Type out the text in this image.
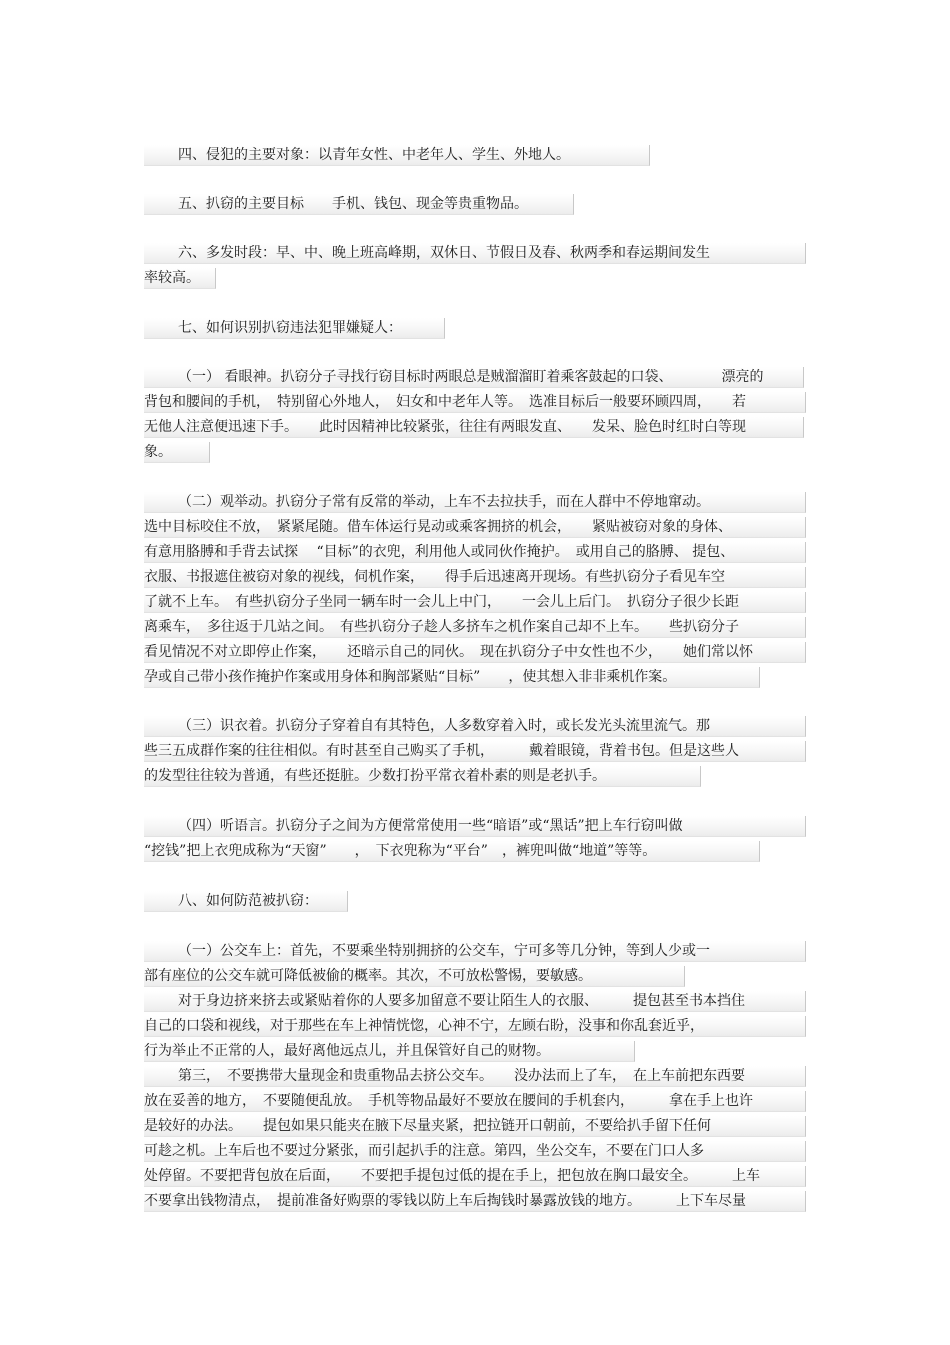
四、侵犯的主要对象：以青年女性、中老年人、学生、外地人。
五、扒窃的主要目标　　手机、钱包、现金等贵重物品。
六、多发时段：早、中、晚上班高峰期，双休日、节假日及春、秋两季和春运期间发生
率较高。
七、如何识别扒窃违法犯罪嫌疑人：
（一） 看眼神。扒窃分子寻找行窃目标时两眼总是贼溜溜盯着乘客鼓起的口袋、　　　　漂亮的
背包和腰间的手机，　特别留心外地人，　妇女和中老年人等。　选准目标后一般要环顾四周，　　若
无他人注意便迅速下手。　　此时因精神比较紧张，往往有两眼发直、　　发呆、脸色时红时白等现
象。
（二）观举动。扒窃分子常有反常的举动，上车不去拉扶手，而在人群中不停地窜动。
选中目标咬住不放，　紧紧尾随。借车体运行晃动或乘客拥挤的机会，　　紧贴被窃对象的身体、
有意用胳膊和手背去试探　 “目标”的衣兜，利用他人或同伙作掩护。　或用自己的胳膊、 提包、
衣服、书报遮住被窃对象的视线，伺机作案，　　得手后迅速离开现场。有些扒窃分子看见车空
了就不上车。　有些扒窃分子坐同一辆车时一会儿上中门，　　一会儿上后门。　扒窃分子很少长距
离乘车，　多往返于几站之间。　有些扒窃分子趁人多挤车之机作案自己却不上车。　　些扒窃分子
看见情况不对立即停止作案，　　还暗示自己的同伙。　现在扒窃分子中女性也不少，　　她们常以怀
孕或自己带小孩作掩护作案或用身体和胸部紧贴“目标”　　，使其想入非非乘机作案。
（三）识衣着。扒窃分子穿着自有其特色，人多数穿着入时，或长发光头流里流气。那
些三五成群作案的往往相似。有时甚至自己购买了手机，　　　戴着眼镜，背着书包。但是这些人
的发型往往较为普通，有些还挺脏。少数打扮平常衣着朴素的则是老扒手。
（四）听语言。扒窃分子之间为方便常常使用一些“暗语”或“黑话”把上车行窃叫做
“挖钱”把上衣兜成称为“天窗”　　，　下衣兜称为“平台”　，裤兜叫做“地道”等等。
八、如何防范被扒窃：
（一）公交车上：首先，不要乘坐特别拥挤的公交车，宁可多等几分钟，等到人少或一
部有座位的公交车就可降低被偷的概率。其次，不可放松警惕，要敏感。
对于身边挤来挤去或紧贴着你的人要多加留意不要让陌生人的衣服、　　　提包甚至书本挡住
自己的口袋和视线，对于那些在车上神情恍惚，心神不宁，左顾右盼，没事和你乱套近乎，
行为举止不正常的人，最好离他远点儿，并且保管好自己的财物。
第三，　不要携带大量现金和贵重物品去挤公交车。　　没办法而上了车，　在上车前把东西要
放在妥善的地方，　不要随便乱放。　手机等物品最好不要放在腰间的手机套内，　　　拿在手上也许
是较好的办法。　　提包如果只能夹在腋下尽量夹紧，把拉链开口朝前，不要给扒手留下任何
可趁之机。上车后也不要过分紧张，而引起扒手的注意。第四，坐公交车，不要在门口人多
处停留。不要把背包放在后面，　　不要把手提包过低的提在手上，把包放在胸口最安全。　　　上车
不要拿出钱物清点，　提前准备好购票的零钱以防上车后掏钱时暴露放钱的地方。　　　上下车尽量
